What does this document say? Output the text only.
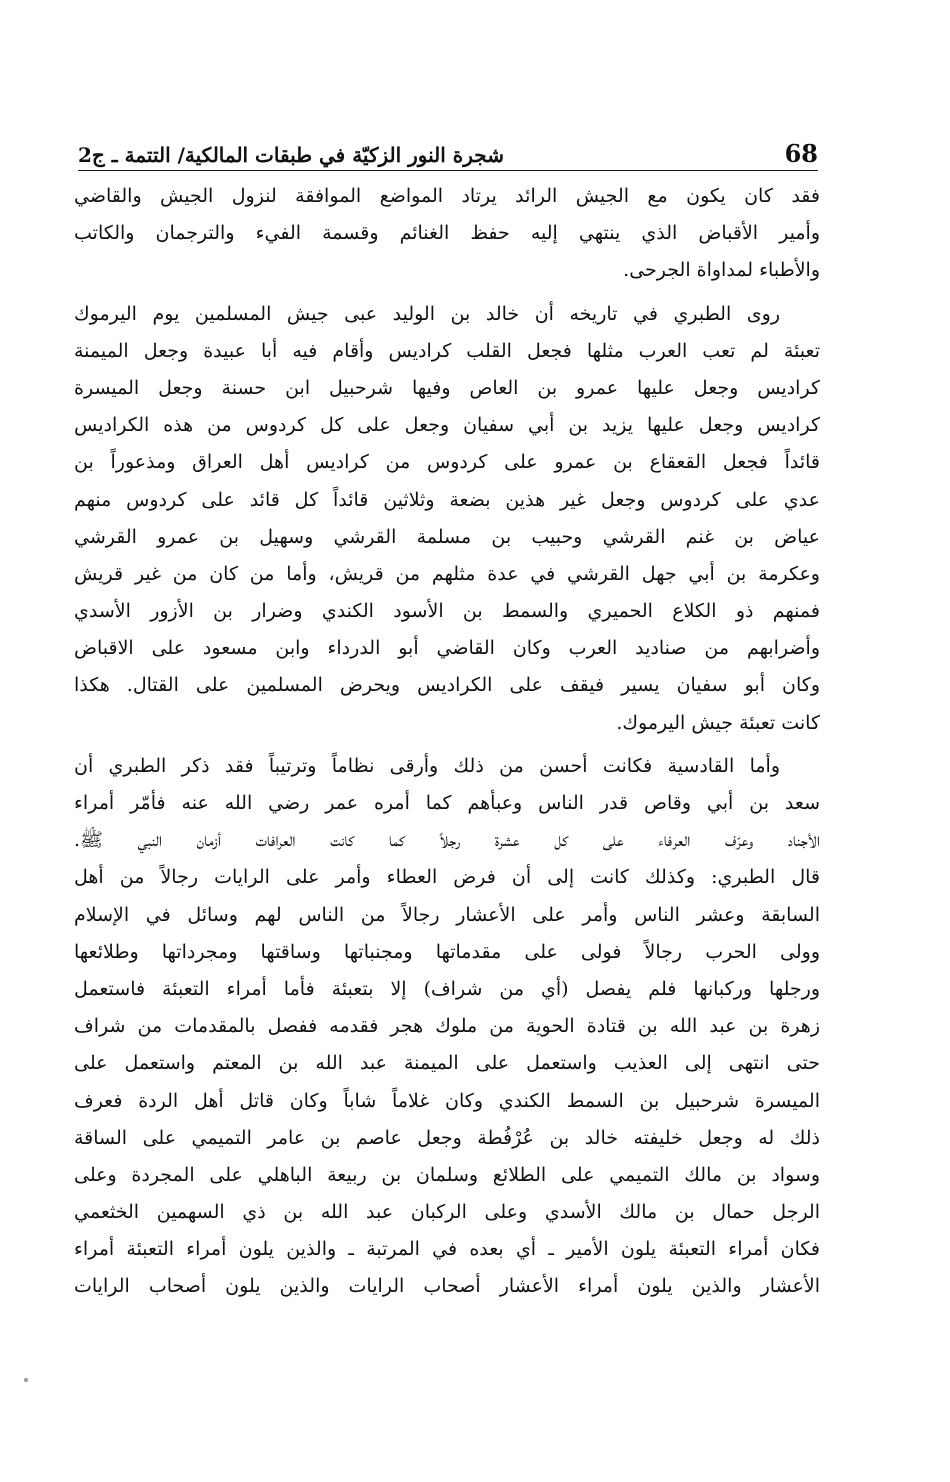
68
شجرة النور الزكيّة في طبقات المالكية/ التتمة ـ ج2
فقد كان يكون مع الجيش الرائد يرتاد المواضع الموافقة لنزول الجيش والقاضي
وأمير الأقباض الذي ينتهي إليه حفظ الغنائم وقسمة الفيء والترجمان والكاتب
والأطباء لمداواة الجرحى.
روى الطبري في تاريخه أن خالد بن الوليد عبى جيش المسلمين يوم اليرموك
تعبئة لم تعب العرب مثلها فجعل القلب كراديس وأقام فيه أبا عبيدة وجعل الميمنة
كراديس وجعل عليها عمرو بن العاص وفيها شرحبيل ابن حسنة وجعل الميسرة
كراديس وجعل عليها يزيد بن أبي سفيان وجعل على كل كردوس من هذه الكراديس
قائداً فجعل القعقاع بن عمرو على كردوس من كراديس أهل العراق ومذعوراً بن
عدي على كردوس وجعل غير هذين بضعة وثلاثين قائداً كل قائد على كردوس منهم
عياض بن غنم القرشي وحبيب بن مسلمة القرشي وسهيل بن عمرو القرشي
وعكرمة بن أبي جهل القرشي في عدة مثلهم من قريش، وأما من كان من غير قريش
فمنهم ذو الكلاع الحميري والسمط بن الأسود الكندي وضرار بن الأزور الأسدي
وأضرابهم من صناديد العرب وكان القاضي أبو الدرداء وابن مسعود على الاقباض
وكان أبو سفيان يسير فيقف على الكراديس ويحرض المسلمين على القتال. هكذا
كانت تعبئة جيش اليرموك.
وأما القادسية فكانت أحسن من ذلك وأرقى نظاماً وترتيباً فقد ذكر الطبري أن
سعد بن أبي وقاص قدر الناس وعبأهم كما أمره عمر رضي الله عنه فأمّر أمراء
الأجناد وعرّف العرفاء على كل عشرة رجلاً كما كانت العرافات أزمان النبي ﷺ.
قال الطبري: وكذلك كانت إلى أن فرض العطاء وأمر على الرايات رجالاً من أهل
السابقة وعشر الناس وأمر على الأعشار رجالاً من الناس لهم وسائل في الإسلام
وولى الحرب رجالاً فولى على مقدماتها ومجنباتها وساقتها ومجرداتها وطلائعها
ورجلها وركبانها فلم يفصل (أي من شراف) إلا بتعبئة فأما أمراء التعبئة فاستعمل
زهرة بن عبد الله بن قتادة الحوية من ملوك هجر فقدمه ففصل بالمقدمات من شراف
حتى انتهى إلى العذيب واستعمل على الميمنة عبد الله بن المعتم واستعمل على
الميسرة شرحبيل بن السمط الكندي وكان غلاماً شاباً وكان قاتل أهل الردة فعرف
ذلك له وجعل خليفته خالد بن عُرْفُطة وجعل عاصم بن عامر التميمي على الساقة
وسواد بن مالك التميمي على الطلائع وسلمان بن ربيعة الباهلي على المجردة وعلى
الرجل حمال بن مالك الأسدي وعلى الركبان عبد الله بن ذي السهمين الخثعمي
فكان أمراء التعبئة يلون الأمير ـ أي بعده في المرتبة ـ والذين يلون أمراء التعبئة أمراء
الأعشار والذين يلون أمراء الأعشار أصحاب الرايات والذين يلون أصحاب الرايات
